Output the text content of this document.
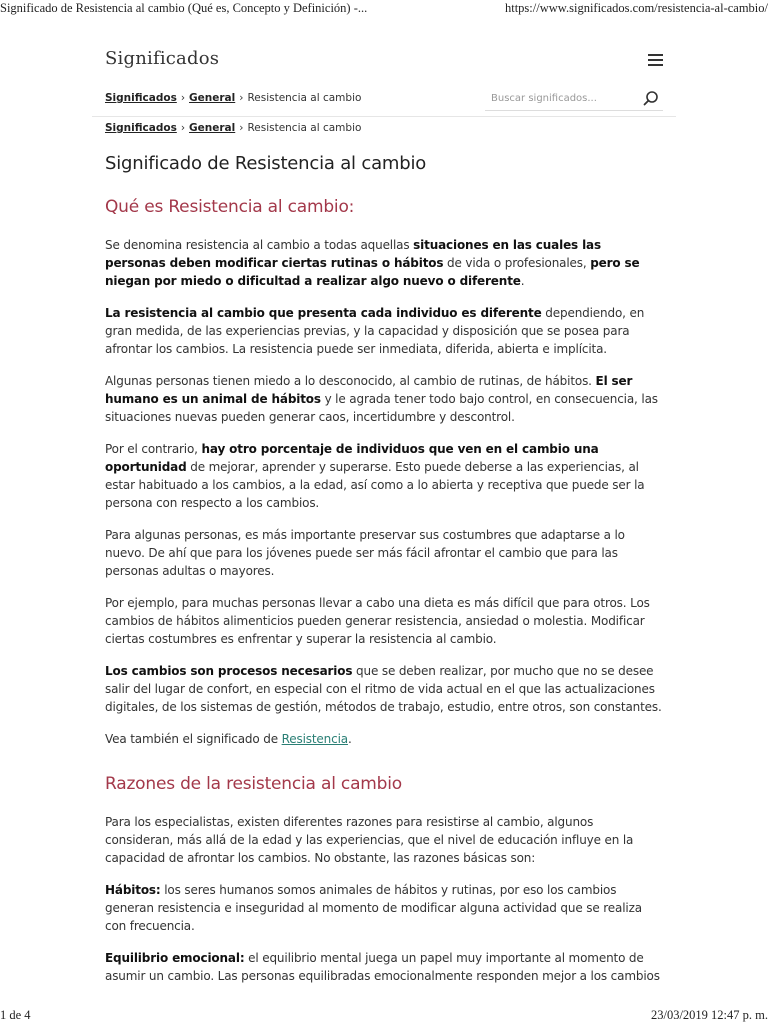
Significado de Resistencia al cambio (Qué es, Concepto y Definición) -...	https://www.significados.com/resistencia-al-cambio/
Significados
Significados › General › Resistencia al cambio
Buscar significados...
Significados › General › Resistencia al cambio
Significado de Resistencia al cambio
Qué es Resistencia al cambio:

Se denomina resistencia al cambio a todas aquellas situaciones en las cuales las personas deben modificar ciertas rutinas o hábitos de vida o profesionales, pero se niegan por miedo o dificultad a realizar algo nuevo o diferente.

La resistencia al cambio que presenta cada individuo es diferente dependiendo, en gran medida, de las experiencias previas, y la capacidad y disposición que se posea para afrontar los cambios. La resistencia puede ser inmediata, diferida, abierta e implícita.

Algunas personas tienen miedo a lo desconocido, al cambio de rutinas, de hábitos. El ser humano es un animal de hábitos y le agrada tener todo bajo control, en consecuencia, las situaciones nuevas pueden generar caos, incertidumbre y descontrol.

Por el contrario, hay otro porcentaje de individuos que ven en el cambio una oportunidad de mejorar, aprender y superarse. Esto puede deberse a las experiencias, al estar habituado a los cambios, a la edad, así como a lo abierta y receptiva que puede ser la persona con respecto a los cambios.

Para algunas personas, es más importante preservar sus costumbres que adaptarse a lo nuevo. De ahí que para los jóvenes puede ser más fácil afrontar el cambio que para las personas adultas o mayores.

Por ejemplo, para muchas personas llevar a cabo una dieta es más difícil que para otros. Los cambios de hábitos alimenticios pueden generar resistencia, ansiedad o molestia. Modificar ciertas costumbres es enfrentar y superar la resistencia al cambio.

Los cambios son procesos necesarios que se deben realizar, por mucho que no se desee salir del lugar de confort, en especial con el ritmo de vida actual en el que las actualizaciones digitales, de los sistemas de gestión, métodos de trabajo, estudio, entre otros, son constantes.

Vea también el significado de Resistencia.

Razones de la resistencia al cambio

Para los especialistas, existen diferentes razones para resistirse al cambio, algunos consideran, más allá de la edad y las experiencias, que el nivel de educación influye en la capacidad de afrontar los cambios. No obstante, las razones básicas son:

Hábitos: los seres humanos somos animales de hábitos y rutinas, por eso los cambios generan resistencia e inseguridad al momento de modificar alguna actividad que se realiza con frecuencia.

Equilibrio emocional: el equilibrio mental juega un papel muy importante al momento de asumir un cambio. Las personas equilibradas emocionalmente responden mejor a los cambios

1 de 4	23/03/2019 12:47 p. m.
